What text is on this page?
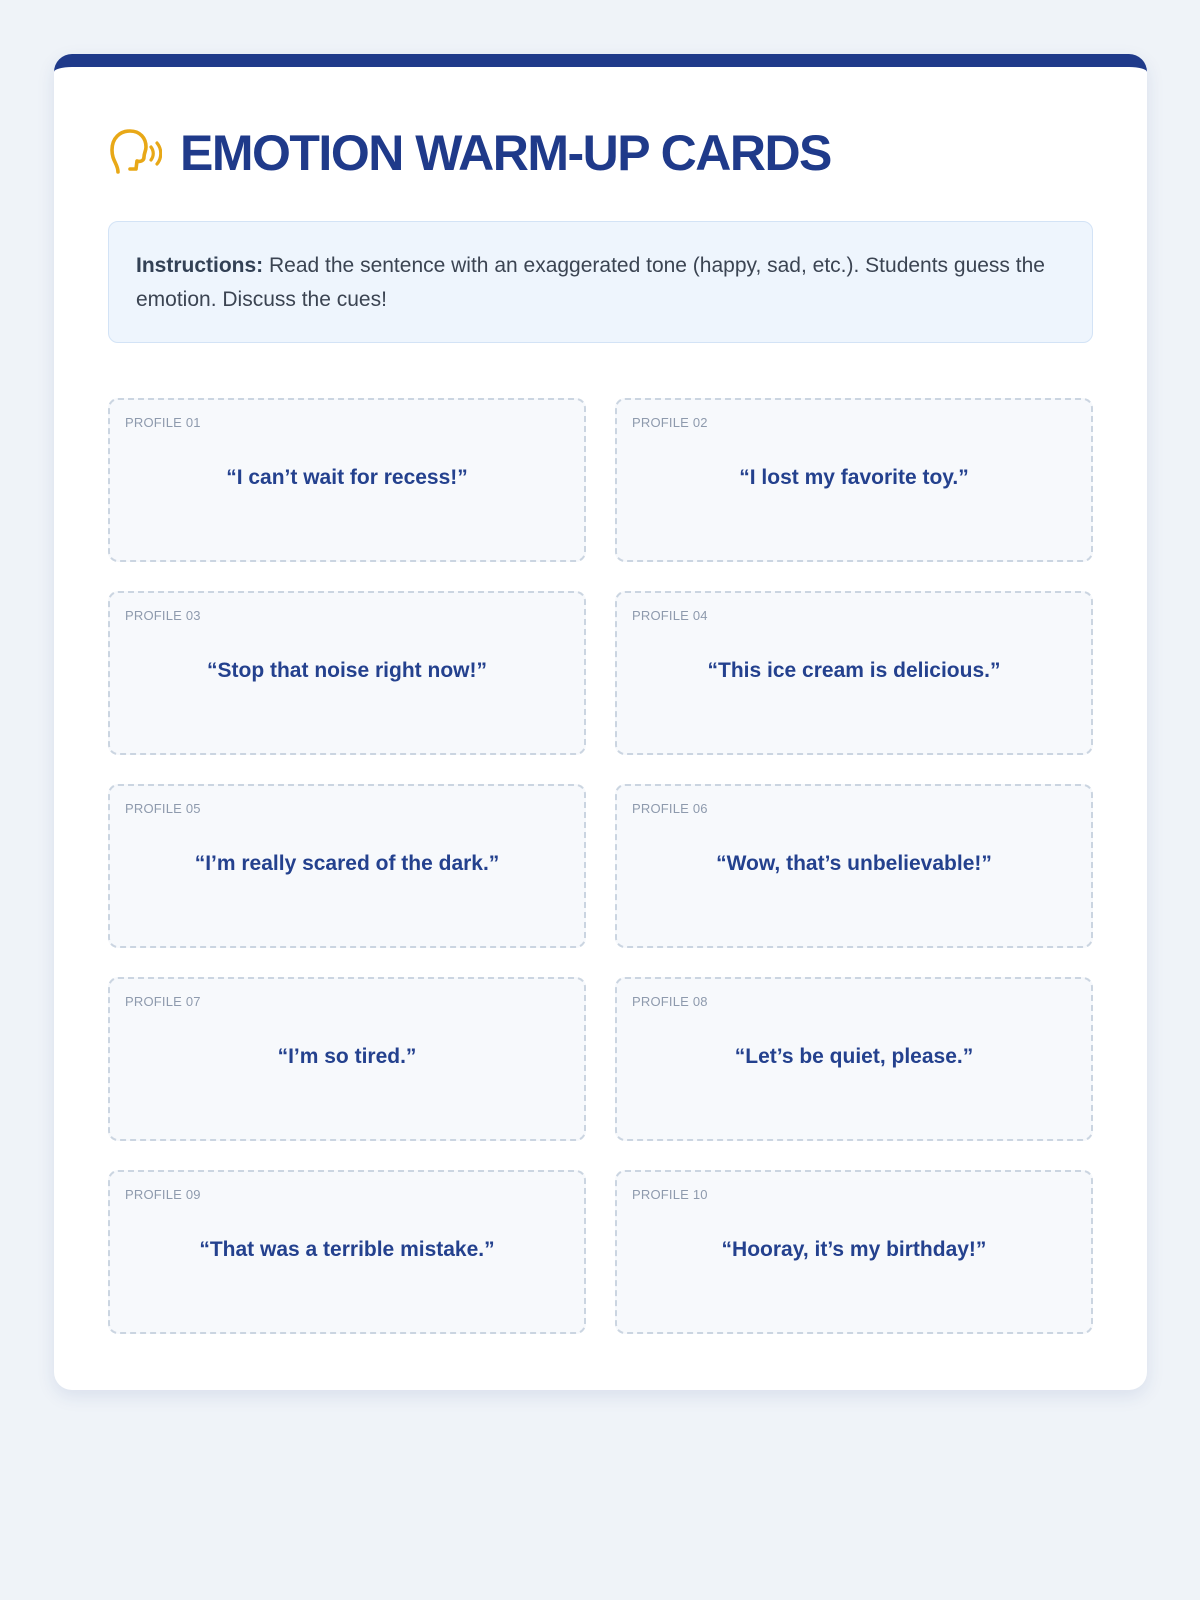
EMOTION WARM-UP CARDS
Instructions: Read the sentence with an exaggerated tone (happy, sad, etc.). Students guess the emotion. Discuss the cues!
PROFILE 01
“I can’t wait for recess!”
PROFILE 02
“I lost my favorite toy.”
PROFILE 03
“Stop that noise right now!”
PROFILE 04
“This ice cream is delicious.”
PROFILE 05
“I’m really scared of the dark.”
PROFILE 06
“Wow, that’s unbelievable!”
PROFILE 07
“I’m so tired.”
PROFILE 08
“Let’s be quiet, please.”
PROFILE 09
“That was a terrible mistake.”
PROFILE 10
“Hooray, it’s my birthday!”
